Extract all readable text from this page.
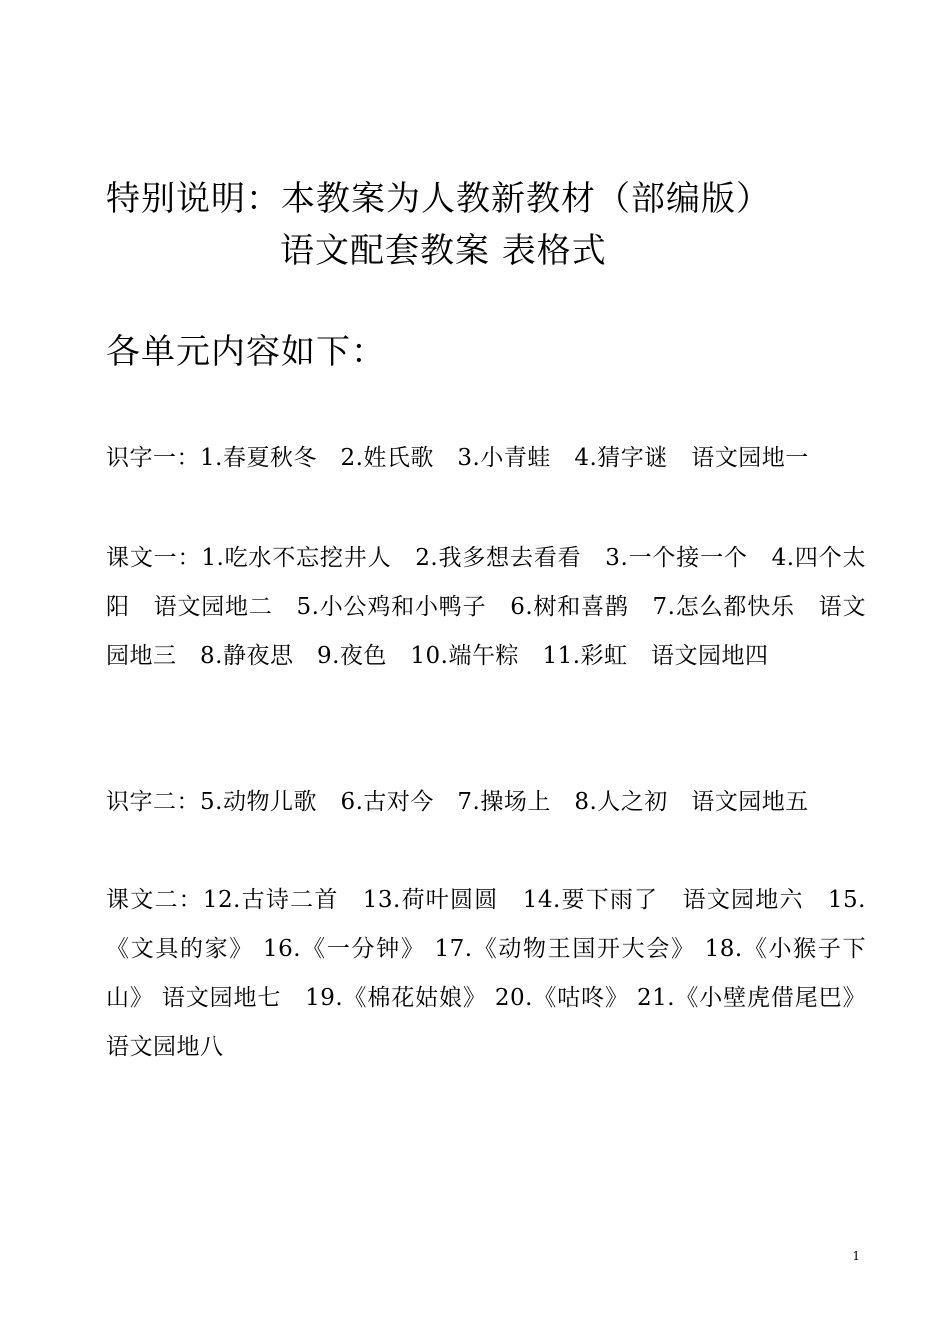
特别说明：本教案为人教新教材（部编版）
语文配套教案 表格式
各单元内容如下：
识字一：1.春夏秋冬　2.姓氏歌　3.小青蛙　4.猜字谜　语文园地一
课文一：1.吃水不忘挖井人　2.我多想去看看　3.一个接一个　4.四个太阳　语文园地二　5.小公鸡和小鸭子　6.树和喜鹊　7.怎么都快乐　语文园地三　8.静夜思　9.夜色　10.端午粽　11.彩虹　语文园地四
识字二：5.动物儿歌　6.古对今　7.操场上　8.人之初　语文园地五
课文二：12.古诗二首　13.荷叶圆圆　14.要下雨了　语文园地六　15.《文具的家》 16.《一分钟》 17.《动物王国开大会》 18.《小猴子下山》 语文园地七　19.《棉花姑娘》 20.《咕咚》 21.《小壁虎借尾巴》 语文园地八
1
